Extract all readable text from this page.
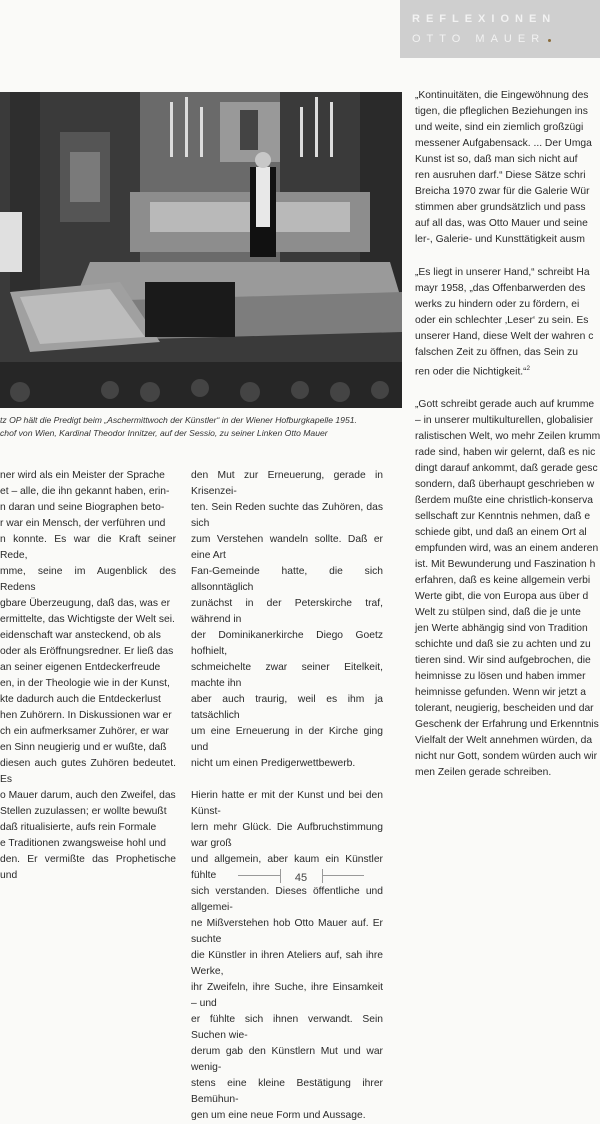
REFLEXIONEN
OTTO MAUER
tz OP hält die Predigt beim „Aschermittwoch der Künstler“ in der Wiener Hofburgkapelle 1951.
chof von Wien, Kardinal Theodor Innitzer, auf der Sessio, zu seiner Linken Otto Mauer
ner wird als ein Meister der Sprache
et – alle, die ihn gekannt haben, erin-
n daran und seine Biographen beto-
r war ein Mensch, der verführen und
n konnte. Es war die Kraft seiner Rede,
mme, seine im Augenblick des Redens
gbare Überzeugung, daß das, was er
ermittelte, das Wichtigste der Welt sei.
eidenschaft war ansteckend, ob als
oder als Eröffnungsredner. Er ließ das
an seiner eigenen Entdeckerfreude
en, in der Theologie wie in der Kunst,
kte dadurch auch die Entdeckerlust
hen Zuhörern. In Diskussionen war er
ch ein aufmerksamer Zuhörer, er war
en Sinn neugierig und er wußte, daß
diesen auch gutes Zuhören bedeutet. Es
o Mauer darum, auch den Zweifel, das
Stellen zuzulassen; er wollte bewußt
daß ritualisierte, aufs rein Formale
e Traditionen zwangsweise hohl und
den. Er vermißte das Prophetische und
den Mut zur Erneuerung, gerade in Krisenzei-
ten. Sein Reden suchte das Zuhören, das sich
zum Verstehen wandeln sollte. Daß er eine Art
Fan-Gemeinde hatte, die sich allsonntäglich
zunächst in der Peterskirche traf, während in
der Dominikanerkirche Diego Goetz hofhielt,
schmeichelte zwar seiner Eitelkeit, machte ihn
aber auch traurig, weil es ihm ja tatsächlich
um eine Erneuerung in der Kirche ging und
nicht um einen Predigerwettbewerb.
Hierin hatte er mit der Kunst und bei den Künst-
lern mehr Glück. Die Aufbruchstimmung war groß
und allgemein, aber kaum ein Künstler fühlte
sich verstanden. Dieses öffentliche und allgemei-
ne Mißverstehen hob Otto Mauer auf. Er suchte
die Künstler in ihren Ateliers auf, sah ihre Werke,
ihr Zweifeln, ihre Suche, ihre Einsamkeit – und
er fühlte sich ihnen verwandt. Sein Suchen wie-
derum gab den Künstlern Mut und war wenig-
stens eine kleine Bestätigung ihrer Bemühun-
gen um eine neue Form und Aussage.
„Kontinuitäten, die Eingewöhnung des
tigen, die pfleglichen Beziehungen ins
und weite, sind ein ziemlich großzügi
messener Aufgabensack. ... Der Umga
Kunst ist so, daß man sich nicht auf
ren ausruhen darf.“ Diese Sätze schri
Breicha 1970 zwar für die Galerie Wür
stimmen aber grundsätzlich und pass
auf all das, was Otto Mauer und seine
ler-, Galerie- und Kunsttätigkeit ausm
„Es liegt in unserer Hand,“ schreibt Ha
mayr 1958, „das Offenbarwerden des
werks zu hindern oder zu fördern, ei
oder ein schlechter ‚Leser‘ zu sein. Es
unserer Hand, diese Welt der wahren c
falschen Zeit zu öffnen, das Sein zu
ren oder die Nichtigkeit.“$^2$
„Gott schreibt gerade auch auf krumme
– in unserer multikulturellen, globalisier
ralistischen Welt, wo mehr Zeilen krumm
rade sind, haben wir gelernt, daß es nic
dingt darauf ankommt, daß gerade gesc
sondern, daß überhaupt geschrieben w
ßerdem mußte eine christlich-konserva
sellschaft zur Kenntnis nehmen, daß e
schiede gibt, und daß an einem Ort al
empfunden wird, was an einem anderen
ist. Mit Bewunderung und Faszination h
erfahren, daß es keine allgemein verbi
Werte gibt, die von Europa aus über d
Welt zu stülpen sind, daß die je unte
jen Werte abhängig sind von Tradition
schichte und daß sie zu achten und zu
tieren sind. Wir sind aufgebrochen, die
heimnisse zu lösen und haben immer
heimnisse gefunden. Wenn wir jetzt a
tolerant, neugierig, bescheiden und dar
Geschenk der Erfahrung und Erkenntnis
Vielfalt der Welt annehmen würden, da
nicht nur Gott, sondem würden auch wir
men Zeilen gerade schreiben.
45
